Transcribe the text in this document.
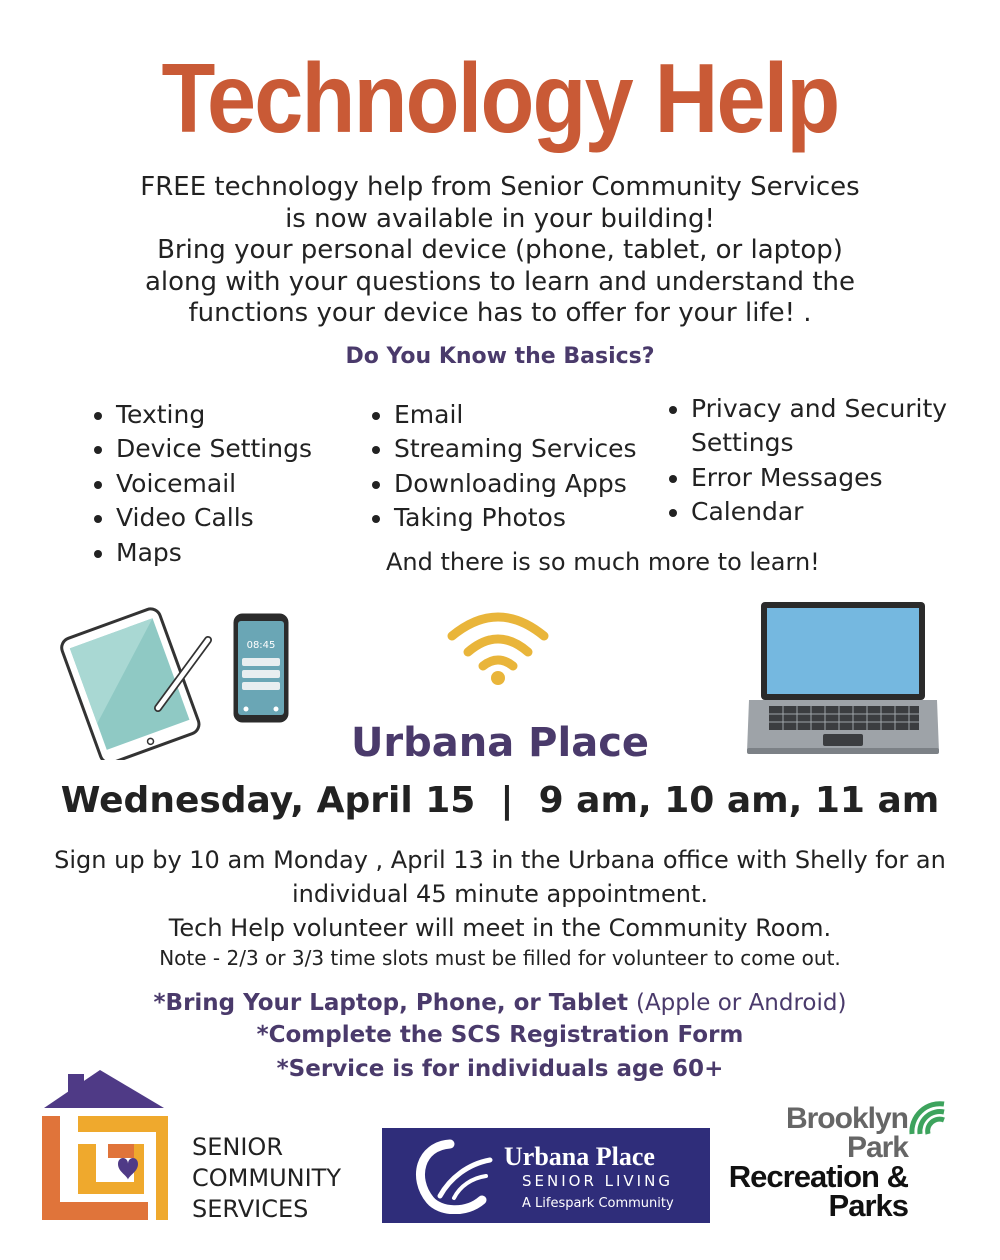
Technology Help
FREE technology help from Senior Community Services
is now available in your building!
Bring your personal device (phone, tablet, or laptop)
along with your questions to learn and understand the
functions your device has to offer for your life! .
Do You Know the Basics?
• Texting
• Device Settings
• Voicemail
• Video Calls
• Maps
• Email
• Streaming Services
• Downloading Apps
• Taking Photos
• Privacy and Security Settings
• Error Messages
• Calendar
And there is so much more to learn!
08:45
Urbana Place
Wednesday, April 15  |  9 am, 10 am, 11 am
Sign up by 10 am Monday , April 13 in the Urbana office with Shelly for an
individual 45 minute appointment.
Tech Help volunteer will meet in the Community Room.
Note - 2/3 or 3/3 time slots must be filled for volunteer to come out.
*Bring Your Laptop, Phone, or Tablet (Apple or Android)
*Complete the SCS Registration Form
*Service is for individuals age 60+
SENIOR
COMMUNITY
SERVICES
Urbana Place
SENIOR LIVING
A Lifespark Community
Brooklyn
Park
Recreation &
Parks
